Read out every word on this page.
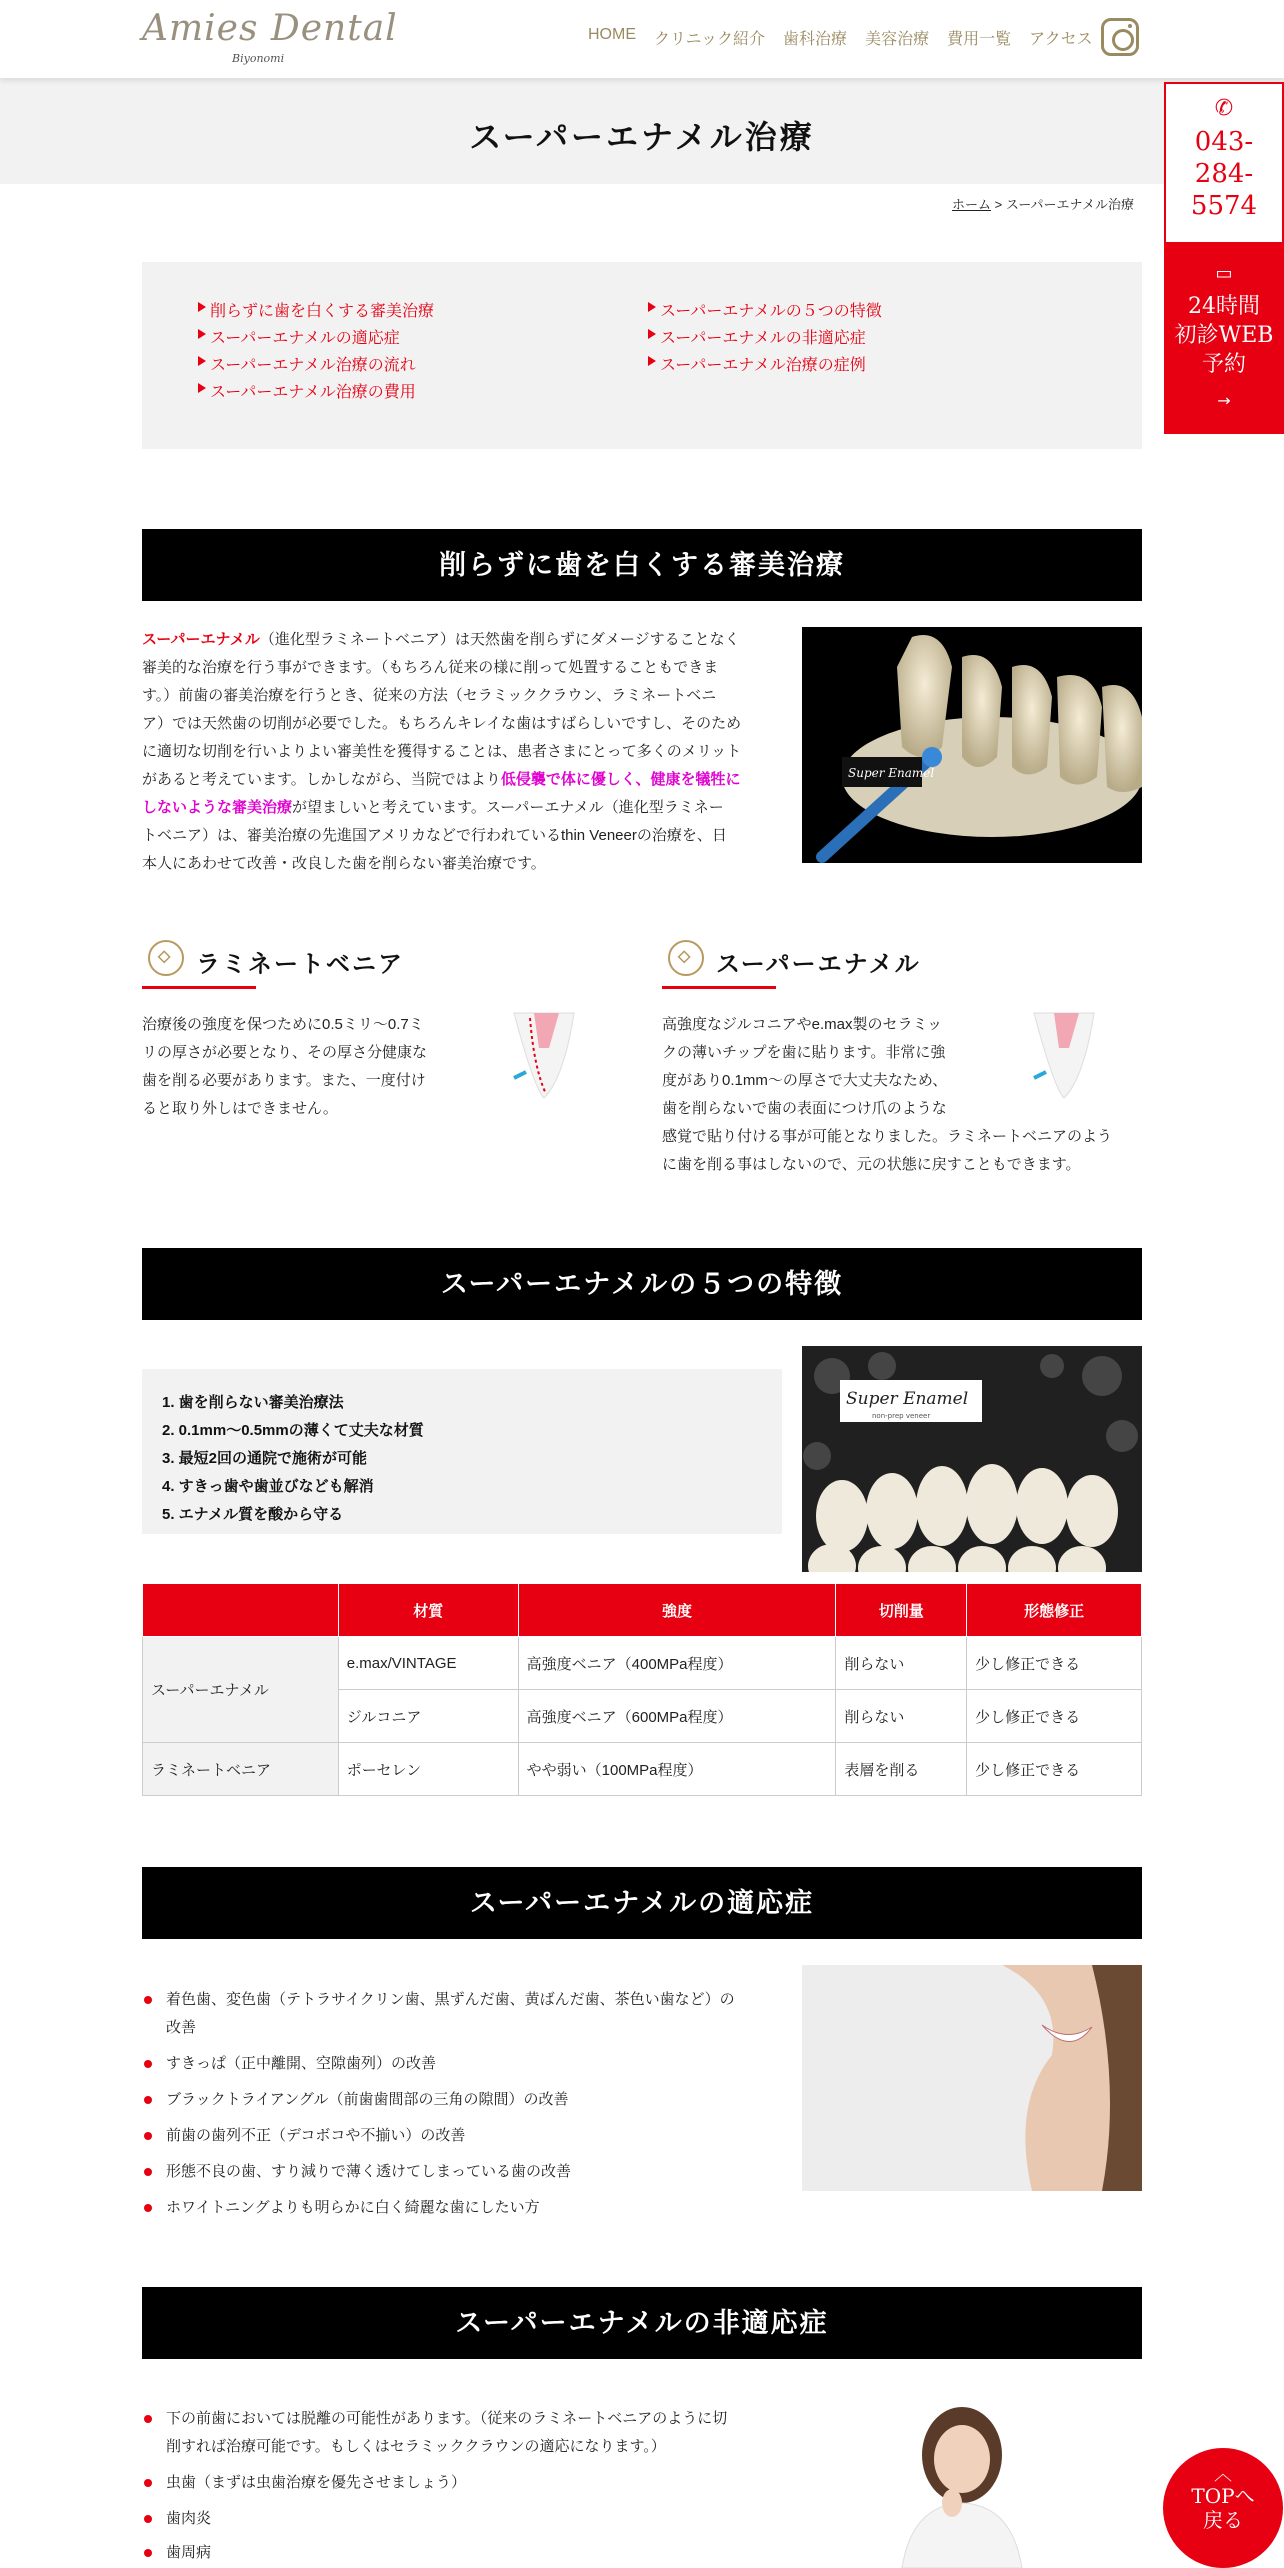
Amies Dental
Biyonomi
HOME クリニック紹介 歯科治療 美容治療 費用一覧 アクセス
スーパーエナメル治療
ホーム > スーパーエナメル治療
✆
043-
284-
5574
▭
24時間
初診WEB
予約
→
削らずに歯を白くする審美治療	スーパーエナメルの５つの特徴
スーパーエナメルの適応症	スーパーエナメルの非適応症
スーパーエナメル治療の流れ	スーパーエナメル治療の症例
スーパーエナメル治療の費用
削らずに歯を白くする審美治療
スーパーエナメル（進化型ラミネートベニア）は天然歯を削らずにダメージすることなく
審美的な治療を行う事ができます。（もちろん従来の様に削って処置することもできま
す。）前歯の審美治療を行うとき、従来の方法（セラミッククラウン、ラミネートベニ
ア）では天然歯の切削が必要でした。もちろんキレイな歯はすばらしいですし、そのため
に適切な切削を行いよりよい審美性を獲得することは、患者さまにとって多くのメリット
があると考えています。しかしながら、当院ではより低侵襲で体に優しく、健康を犠牲に
しないような審美治療が望ましいと考えています。スーパーエナメル（進化型ラミネー
トベニア）は、審美治療の先進国アメリカなどで行われているthin Veneerの治療を、日
本人にあわせて改善・改良した歯を削らない審美治療です。
Super Enamel
◇
ラミネートベニア
治療後の強度を保つために0.5ミリ～0.7ミ
リの厚さが必要となり、その厚さ分健康な
歯を削る必要があります。また、一度付け
ると取り外しはできません。
◇
スーパーエナメル
高強度なジルコニアやe.max製のセラミッ
クの薄いチップを歯に貼ります。非常に強
度があり0.1mm～の厚さで大丈夫なため、
歯を削らないで歯の表面につけ爪のような
感覚で貼り付ける事が可能となりました。ラミネートベニアのよう
に歯を削る事はしないので、元の状態に戻すこともできます。
スーパーエナメルの５つの特徴
1. 歯を削らない審美治療法
2. 0.1mm～0.5mmの薄くて丈夫な材質
3. 最短2回の通院で施術が可能
4. すきっ歯や歯並びなども解消
5. エナメル質を酸から守る
Super Enamel
non-prep veneer
	材質	強度	切削量	形態修正
スーパーエナメル	e.max/VINTAGE	高強度ベニア（400MPa程度）	削らない	少し修正できる
	ジルコニア	高強度ベニア（600MPa程度）	削らない	少し修正できる
ラミネートベニア	ポーセレン	やや弱い（100MPa程度）	表層を削る	少し修正できる
スーパーエナメルの適応症
着色歯、変色歯（テトラサイクリン歯、黒ずんだ歯、黄ばんだ歯、茶色い歯など）の
改善
すきっぱ（正中離開、空隙歯列）の改善
ブラックトライアングル（前歯歯間部の三角の隙間）の改善
前歯の歯列不正（デコボコや不揃い）の改善
形態不良の歯、すり減りで薄く透けてしまっている歯の改善
ホワイトニングよりも明らかに白く綺麗な歯にしたい方
スーパーエナメルの非適応症
下の前歯においては脱離の可能性があります。（従来のラミネートベニアのように切
削すれば治療可能です。もしくはセラミッククラウンの適応になります。）
虫歯（まずは虫歯治療を優先させましょう）
歯肉炎
歯周病
︿
TOPへ
戻る
